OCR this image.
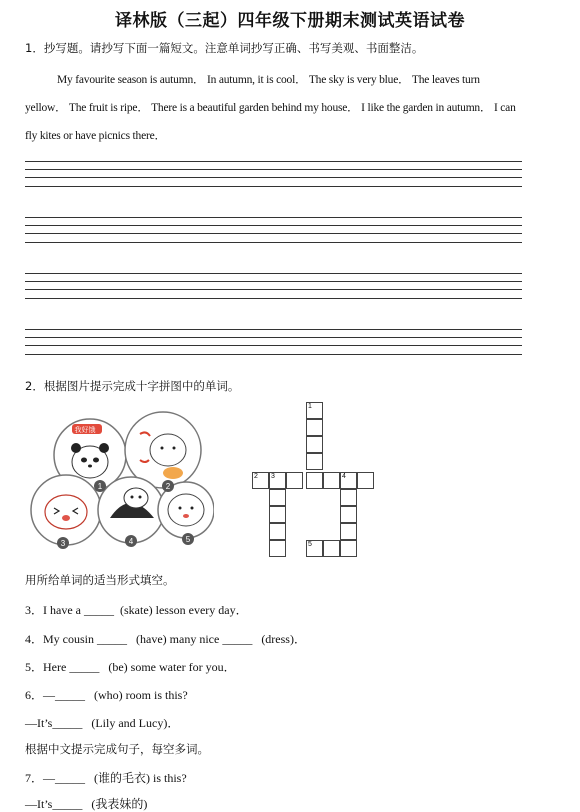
译林版（三起）四年级下册期末测试英语试卷
1．抄写题。请抄写下面一篇短文。注意单词抄写正确、书写美观、书面整洁。
My favourite season is autumn． In autumn, it is cool． The sky is very blue． The leaves turn
yellow． The fruit is ripe． There is a beautiful garden behind my house． I like the garden in autumn． I can
fly kites or have picnics there．
2．根据图片提示完成十字拼图中的单词。
我好饿
1	2
3	4	5
1
2 3	4
5
用所给单词的适当形式填空。
3．I have a _____ (skate) lesson every day．
4．My cousin _____ (have) many nice _____ (dress)．
5．Here _____ (be) some water for you．
6．—_____ (who) room is this?
—It’s_____ (Lily and Lucy)．
根据中文提示完成句子，每空多词。
7．—_____ (谁的毛衣) is this?
—It’s_____ (我表妹的)
